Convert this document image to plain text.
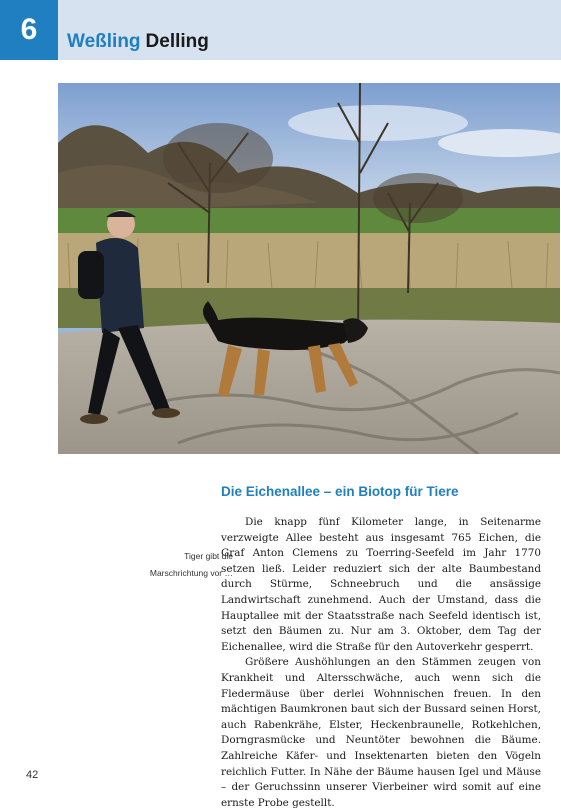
6 Weßling Delling
Tiger gibt die
Marschrichtung vor …
Die Eichenallee – ein Biotop für Tiere

Die knapp fünf Kilometer lange, in Seitenarme verzweigte Allee besteht aus insgesamt 765 Eichen, die Graf Anton Clemens zu Toerring-Seefeld im Jahr 1770 setzen ließ. Leider reduziert sich der alte Baumbestand durch Stürme, Schneebruch und die ansässige Landwirtschaft zunehmend. Auch der Umstand, dass die Hauptallee mit der Staatsstraße nach Seefeld identisch ist, setzt den Bäumen zu. Nur am 3. Oktober, dem Tag der Eichenallee, wird die Straße für den Autoverkehr gesperrt.

Größere Aushöhlungen an den Stämmen zeugen von Krankheit und Altersschwäche, auch wenn sich die Fledermäuse über derlei Wohnnischen freuen. In den mächtigen Baumkronen baut sich der Bussard seinen Horst, auch Rabenkrähe, Elster, Heckenbraunelle, Rotkehlchen, Dorngrasmücke und Neuntöter bewohnen die Bäume. Zahlreiche Käfer- und Insektenarten bieten den Vögeln reichlich Futter. In Nähe der Bäume hausen Igel und Mäuse – der Geruchssinn unserer Vierbeiner wird somit auf eine ernste Probe gestellt.

42
